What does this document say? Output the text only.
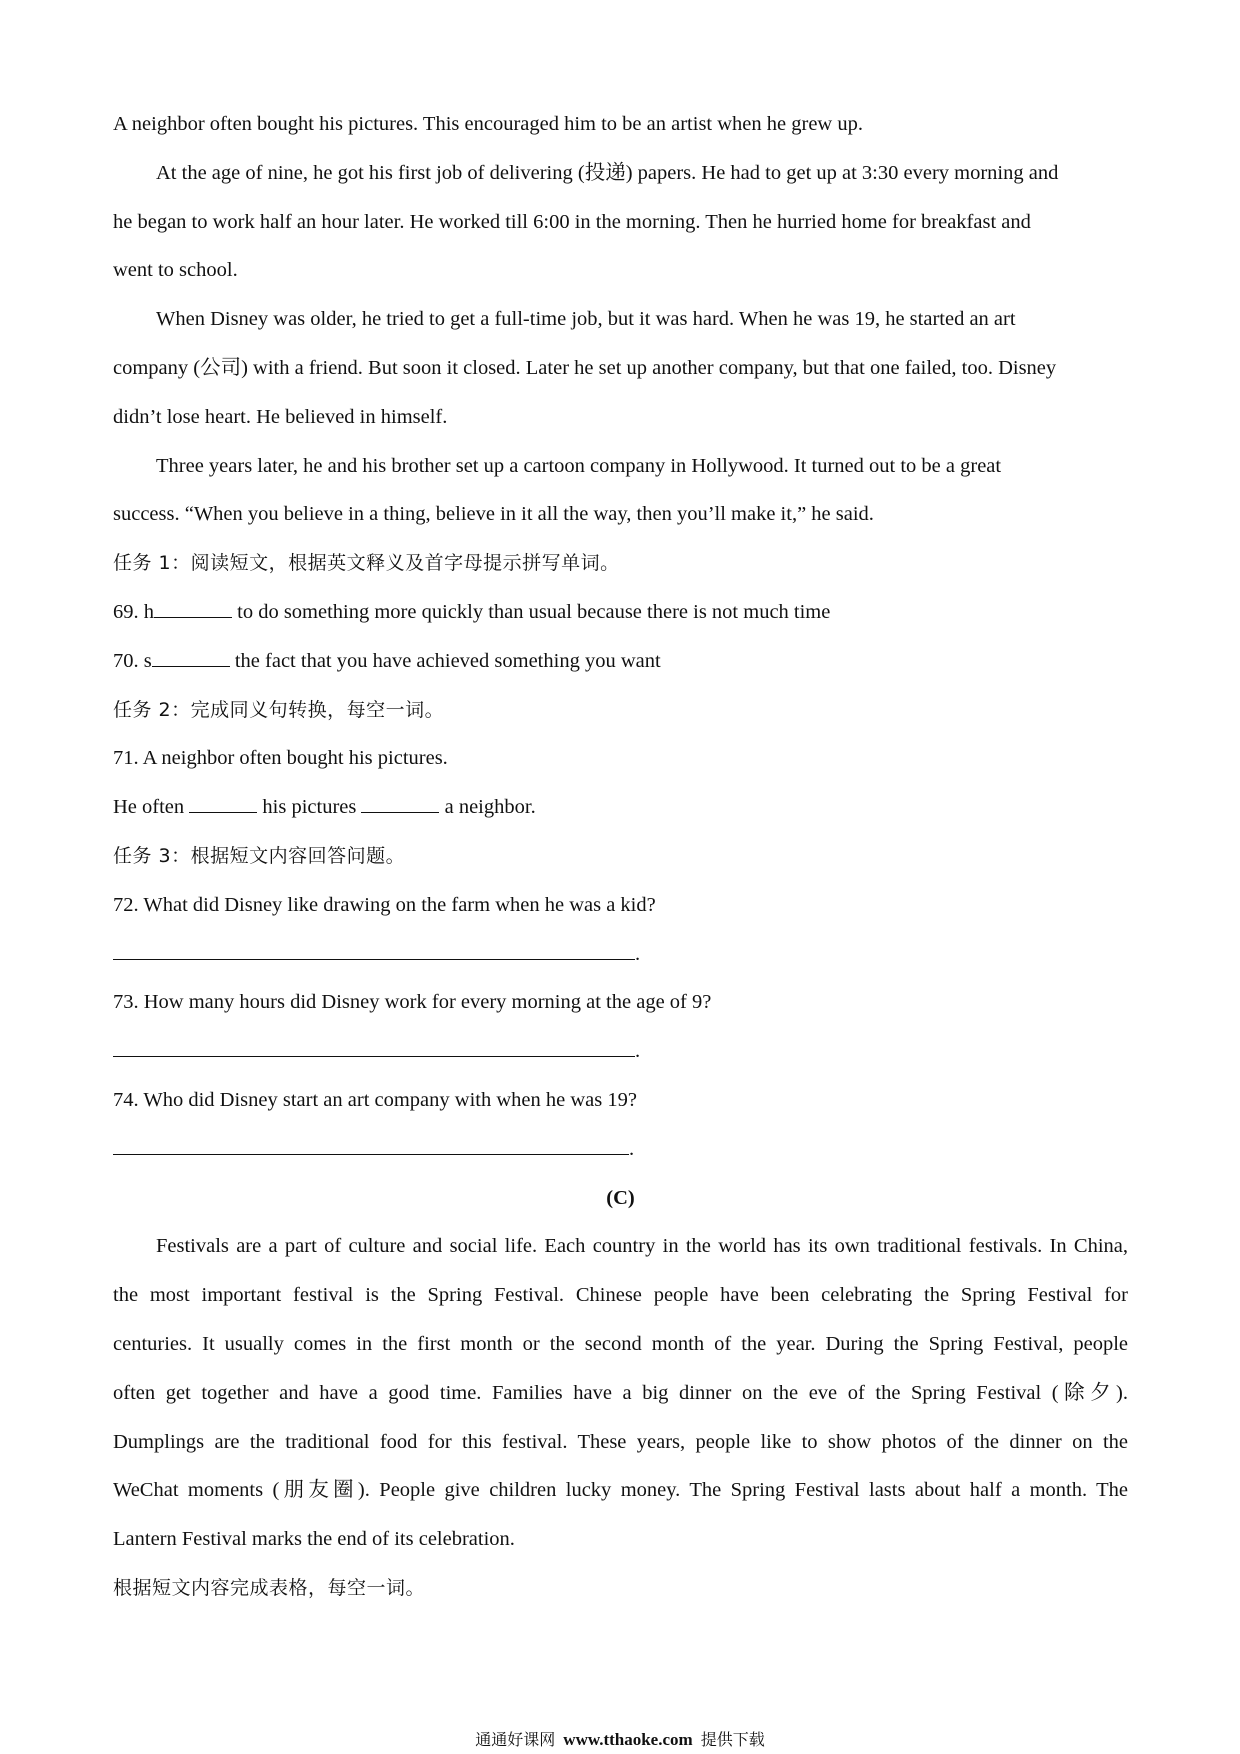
A neighbor often bought his pictures. This encouraged him to be an artist when he grew up.
At the age of nine, he got his first job of delivering (投递) papers. He had to get up at 3:30 every morning and
he began to work half an hour later. He worked till 6:00 in the morning. Then he hurried home for breakfast and
went to school.
When Disney was older, he tried to get a full-time job, but it was hard. When he was 19, he started an art
company (公司) with a friend. But soon it closed. Later he set up another company, but that one failed, too. Disney
didn’t lose heart. He believed in himself.
Three years later, he and his brother set up a cartoon company in Hollywood. It turned out to be a great
success. “When you believe in a thing, believe in it all the way, then you’ll make it,” he said.
任务 1：阅读短文，根据英文释义及首字母提示拼写单词。
69. h	to do something more quickly than usual because there is not much time
70. s	the fact that you have achieved something you want
任务 2：完成同义句转换，每空一词。
71. A neighbor often bought his pictures.
He often	his pictures	a neighbor.
任务 3：根据短文内容回答问题。
72. What did Disney like drawing on the farm when he was a kid?
.
73. How many hours did Disney work for every morning at the age of 9?
.
74. Who did Disney start an art company with when he was 19?
.
(C)
Festivals are a part of culture and social life. Each country in the world has its own traditional festivals. In China,
the most important festival is the Spring Festival. Chinese people have been celebrating the Spring Festival for
centuries. It usually comes in the first month or the second month of the year. During the Spring Festival, people
often get together and have a good time. Families have a big dinner on the eve of the Spring Festival (除夕).
Dumplings are the traditional food for this festival. These years, people like to show photos of the dinner on the
WeChat moments (朋友圈). People give children lucky money. The Spring Festival lasts about half a month. The
Lantern Festival marks the end of its celebration.
根据短文内容完成表格，每空一词。
通通好课网 www.tthaoke.com 提供下载
